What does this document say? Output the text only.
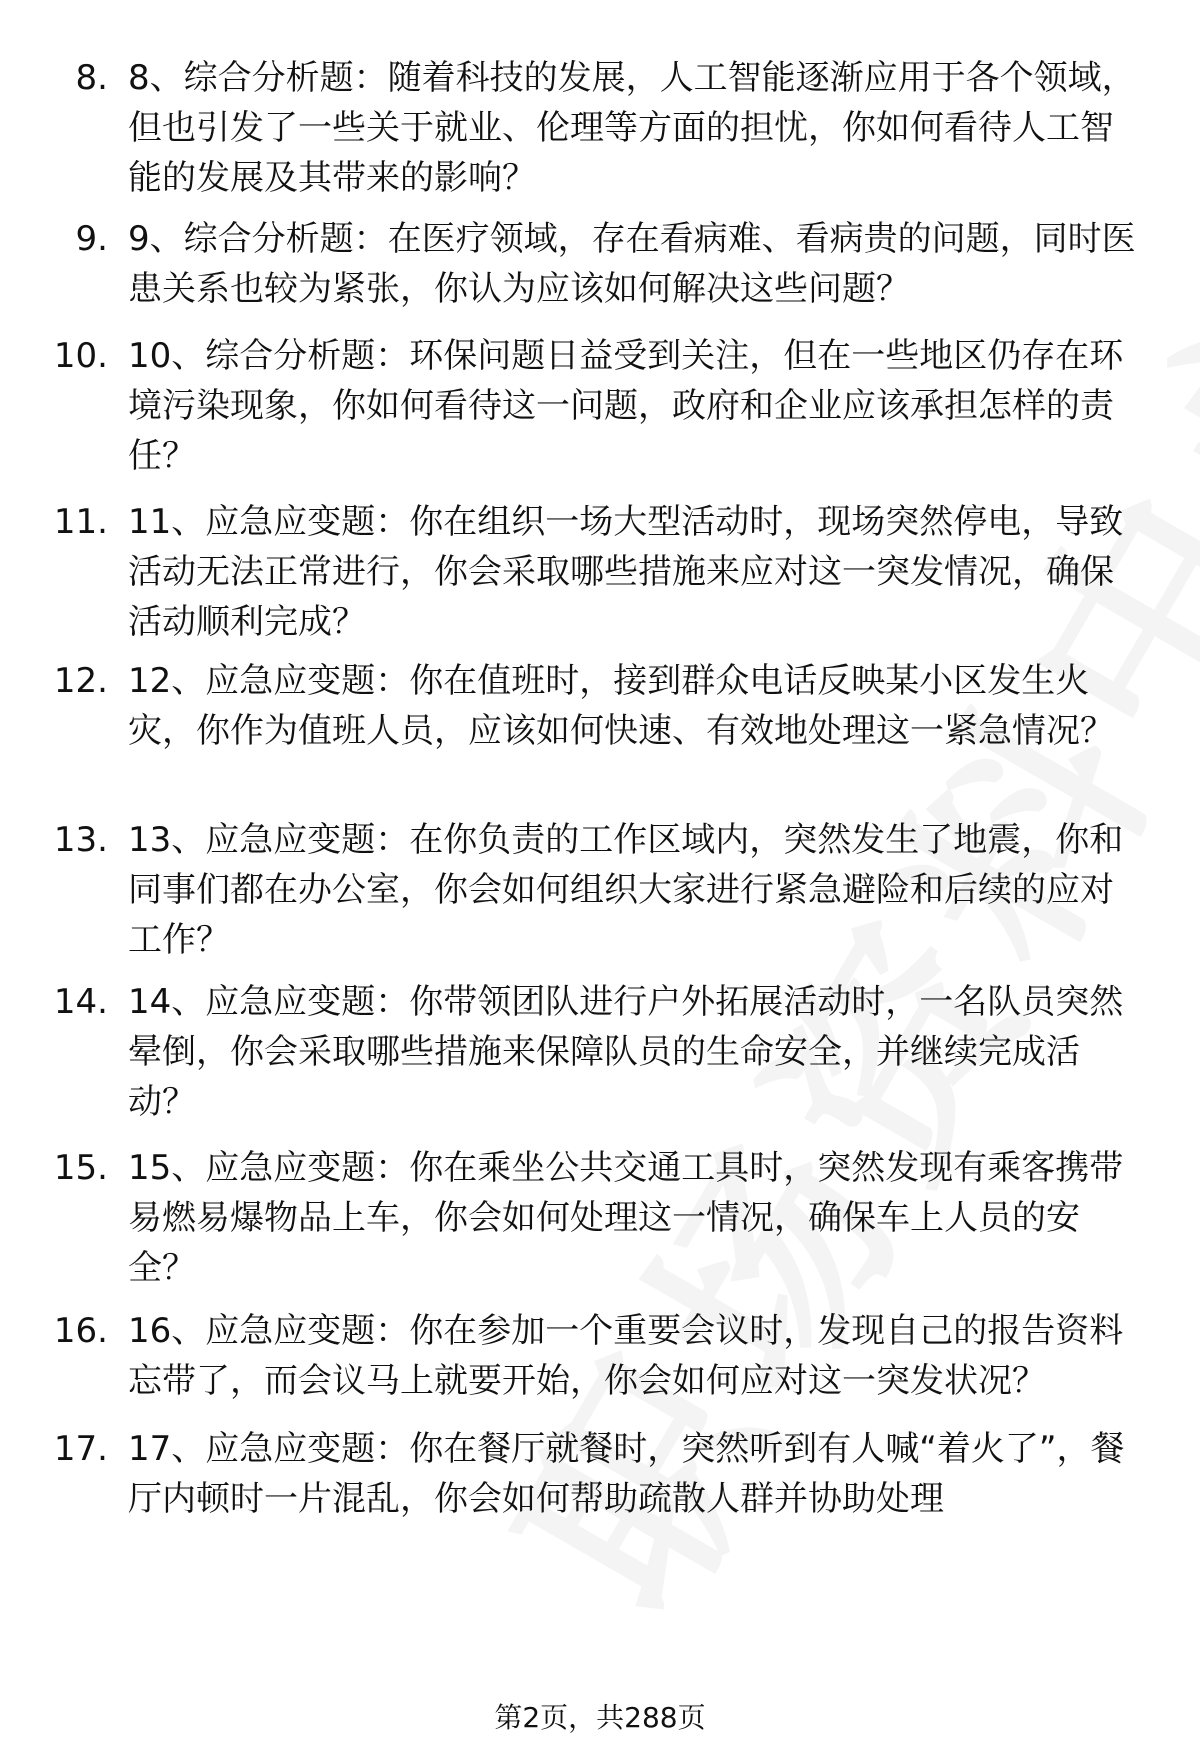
8. 8、综合分析题：随着科技的发展，人工智能逐渐应用于各个领域，但也引发了一些关于就业、伦理等方面的担忧，你如何看待人工智能的发展及其带来的影响？
9. 9、综合分析题：在医疗领域，存在看病难、看病贵的问题，同时医患关系也较为紧张，你认为应该如何解决这些问题？
10. 10、综合分析题：环保问题日益受到关注，但在一些地区仍存在环境污染现象，你如何看待这一问题，政府和企业应该承担怎样的责任？
11. 11、应急应变题：你在组织一场大型活动时，现场突然停电，导致活动无法正常进行，你会采取哪些措施来应对这一突发情况，确保活动顺利完成？
12. 12、应急应变题：你在值班时，接到群众电话反映某小区发生火灾，你作为值班人员，应该如何快速、有效地处理这一紧急情况？
13. 13、应急应变题：在你负责的工作区域内，突然发生了地震，你和同事们都在办公室，你会如何组织大家进行紧急避险和后续的应对工作？
14. 14、应急应变题：你带领团队进行户外拓展活动时，一名队员突然晕倒，你会采取哪些措施来保障队员的生命安全，并继续完成活动？
15. 15、应急应变题：你在乘坐公共交通工具时，突然发现有乘客携带易燃易爆物品上车，你会如何处理这一情况，确保车上人员的安全？
16. 16、应急应变题：你在参加一个重要会议时，发现自己的报告资料忘带了，而会议马上就要开始，你会如何应对这一突发状况？
17. 17、应急应变题：你在餐厅就餐时，突然听到有人喊“着火了”，餐厅内顿时一片混乱，你会如何帮助疏散人群并协助处理
第2页，共288页
